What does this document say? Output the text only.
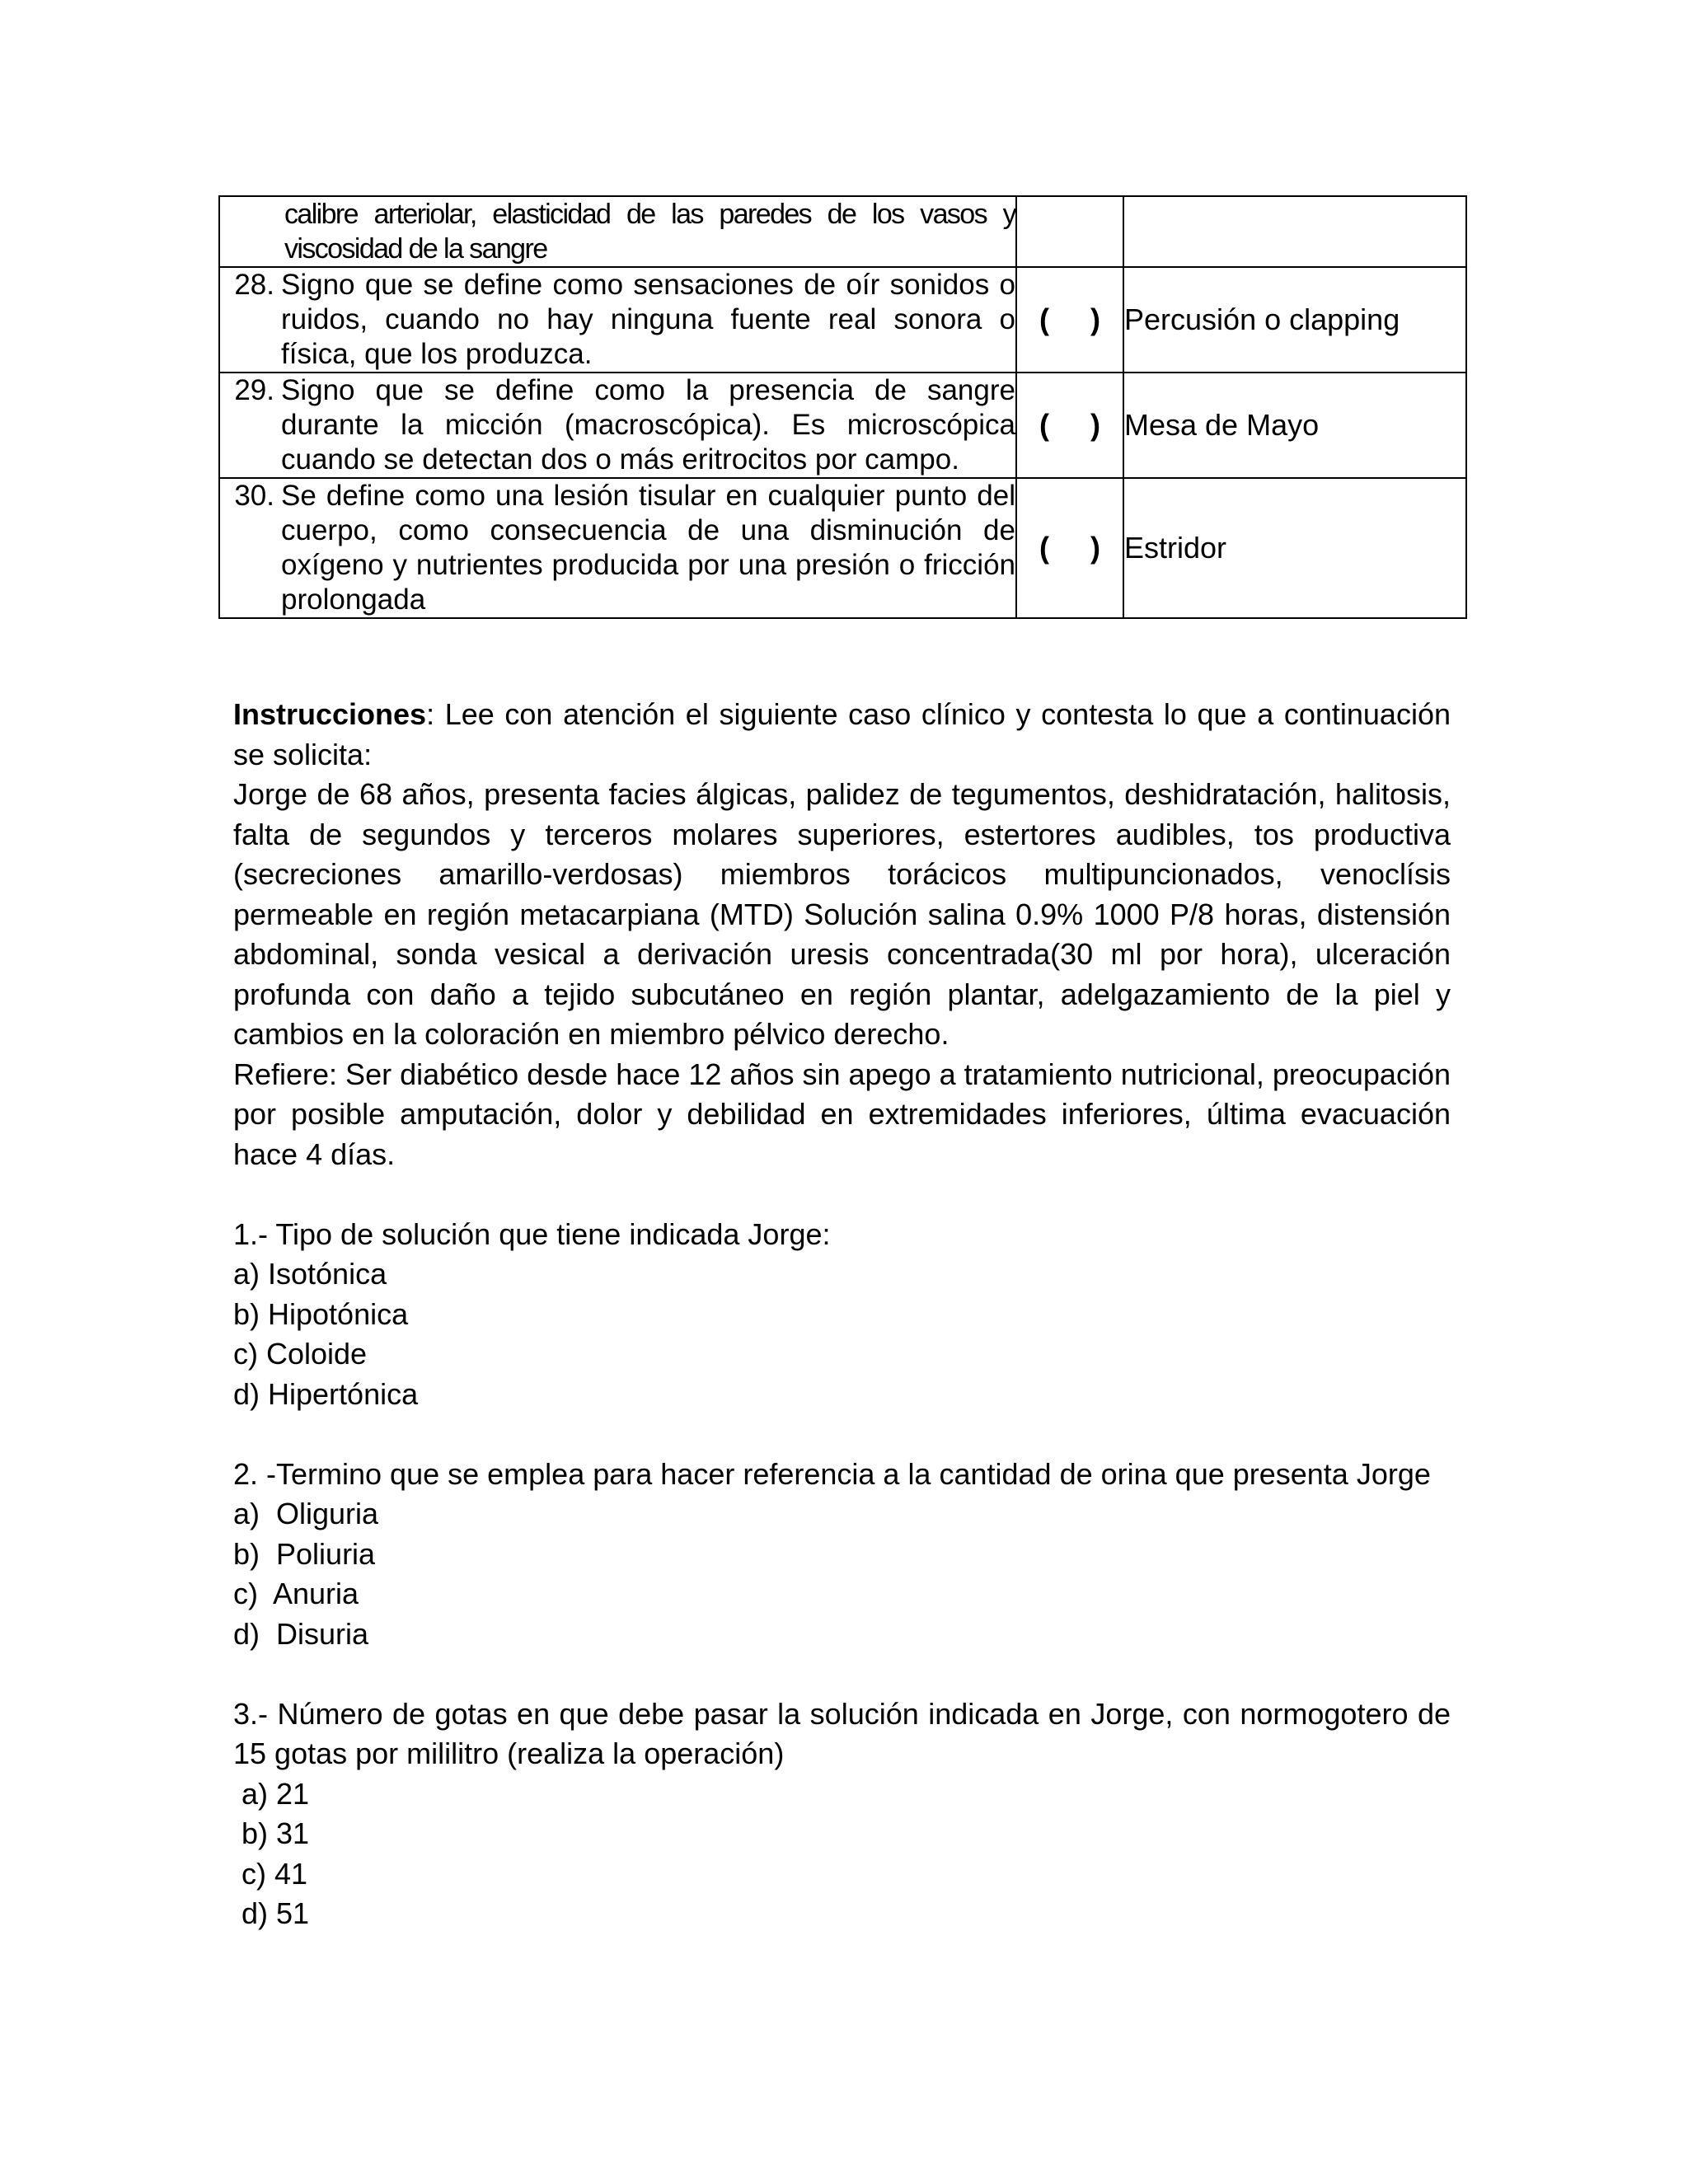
calibre arteriolar, elasticidad de las paredes de los vasos y viscosidad de la sangre		

28. Signo que se define como sensaciones de oír sonidos o ruidos, cuando no hay ninguna fuente real sonora o física, que los produzca.	(     )	Percusión o clapping

29. Signo que se define como la presencia de sangre durante la micción (macroscópica). Es microscópica cuando se detectan dos o más eritrocitos por campo.	(     )	Mesa de Mayo

30. Se define como una lesión tisular en cualquier punto del cuerpo, como consecuencia de una disminución de oxígeno y nutrientes producida por una presión o fricción prolongada	(     )	Estridor

Instrucciones: Lee con atención el siguiente caso clínico y contesta lo que a continuación se solicita:

Jorge de 68 años, presenta facies álgicas, palidez de tegumentos, deshidratación, halitosis, falta de segundos y terceros molares superiores, estertores audibles, tos productiva (secreciones amarillo-verdosas) miembros torácicos multipuncionados, venoclísis permeable en región metacarpiana (MTD) Solución salina 0.9% 1000 P/8 horas, distensión abdominal, sonda vesical a derivación uresis concentrada(30 ml por hora), ulceración profunda con daño a tejido subcutáneo en región plantar, adelgazamiento de la piel y cambios en la coloración en miembro pélvico derecho.

Refiere: Ser diabético desde hace 12 años sin apego a tratamiento nutricional, preocupación por posible amputación, dolor y debilidad en extremidades inferiores, última evacuación hace 4 días.

1.- Tipo de solución que tiene indicada Jorge:

a) Isotónica

b) Hipotónica

c) Coloide

d) Hipertónica

2. -Termino que se emplea para hacer referencia a la cantidad de orina que presenta Jorge

a)  Oliguria

b)  Poliuria

c)  Anuria

d)  Disuria

3.- Número de gotas en que debe pasar la solución indicada en Jorge, con normogotero de 15 gotas por mililitro (realiza la operación)

a) 21

b) 31

c) 41

d) 51
